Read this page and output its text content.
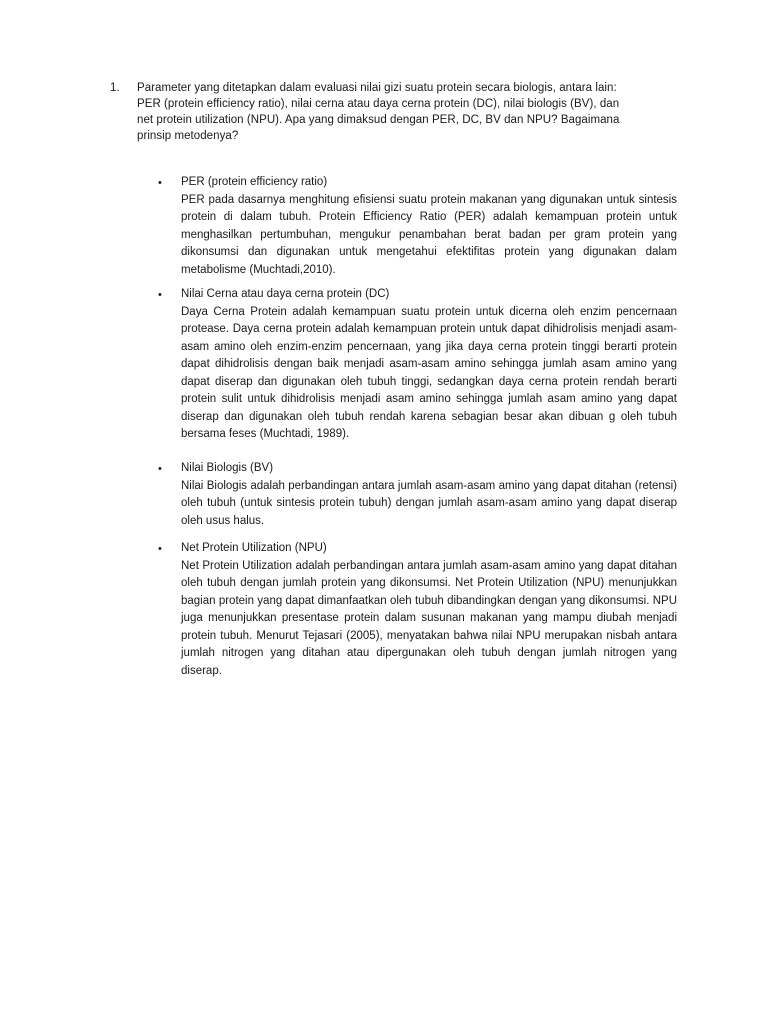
1. Parameter yang ditetapkan dalam evaluasi nilai gizi suatu protein secara biologis, antara lain:
PER (protein efficiency ratio), nilai cerna atau daya cerna protein (DC), nilai biologis (BV), dan
net protein utilization (NPU). Apa yang dimaksud dengan PER, DC, BV dan NPU? Bagaimana
prinsip metodenya?
• PER (protein efficiency ratio)
PER pada dasarnya menghitung efisiensi suatu protein makanan yang digunakan untuk sintesis protein di dalam tubuh. Protein Efficiency Ratio (PER) adalah kemampuan protein untuk menghasilkan pertumbuhan, mengukur penambahan berat badan per gram protein yang dikonsumsi dan digunakan untuk mengetahui efektifitas protein yang digunakan dalam metabolisme (Muchtadi,2010).
• Nilai Cerna atau daya cerna protein (DC)
Daya Cerna Protein adalah kemampuan suatu protein untuk dicerna oleh enzim pencernaan protease. Daya cerna protein adalah kemampuan protein untuk dapat dihidrolisis menjadi asam-asam amino oleh enzim-enzim pencernaan, yang jika daya cerna protein tinggi berarti protein dapat dihidrolisis dengan baik menjadi asam-asam amino sehingga jumlah asam amino yang dapat diserap dan digunakan oleh tubuh tinggi, sedangkan daya cerna protein rendah berarti protein sulit untuk dihidrolisis menjadi asam amino sehingga jumlah asam amino yang dapat diserap dan digunakan oleh tubuh rendah karena sebagian besar akan dibuan g oleh tubuh bersama feses (Muchtadi, 1989).
• Nilai Biologis (BV)
Nilai Biologis adalah perbandingan antara jumlah asam-asam amino yang dapat ditahan (retensi) oleh tubuh (untuk sintesis protein tubuh) dengan jumlah asam-asam amino yang dapat diserap oleh usus halus.
• Net Protein Utilization (NPU)
Net Protein Utilization adalah perbandingan antara jumlah asam-asam amino yang dapat ditahan oleh tubuh dengan jumlah protein yang dikonsumsi. Net Protein Utilization (NPU) menunjukkan bagian protein yang dapat dimanfaatkan oleh tubuh dibandingkan dengan yang dikonsumsi. NPU juga menunjukkan presentase protein dalam susunan makanan yang mampu diubah menjadi protein tubuh. Menurut Tejasari (2005), menyatakan bahwa nilai NPU merupakan nisbah antara jumlah nitrogen yang ditahan atau dipergunakan oleh tubuh dengan jumlah nitrogen yang diserap.
